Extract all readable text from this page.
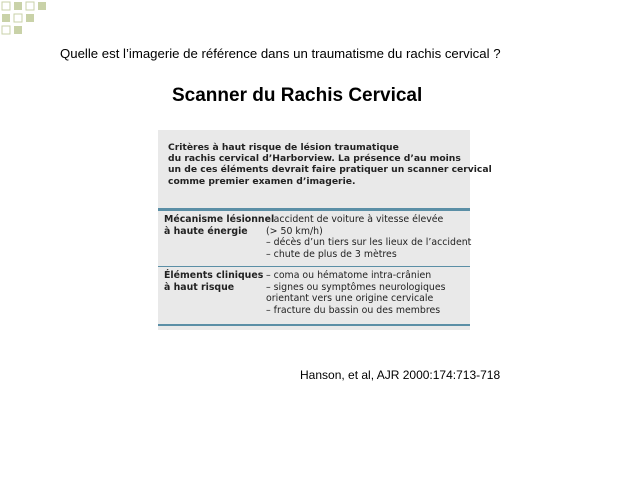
Quelle est l’imagerie de référence dans un traumatisme du rachis cervical ?
Scanner du Rachis Cervical
Critères à haut risque de lésion traumatique
du rachis cervical d’Harborview. La présence d’au moins
un de ces éléments devrait faire pratiquer un scanner cervical
comme premier examen d’imagerie.
Mécanisme lésionnel
à haute énergie
– accident de voiture à vitesse élevée
(> 50 km/h)
– décès d’un tiers sur les lieux de l’accident
– chute de plus de 3 mètres
Éléments cliniques
à haut risque
– coma ou hématome intra-crânien
– signes ou symptômes neurologiques
orientant vers une origine cervicale
– fracture du bassin ou des membres
Hanson, et al, AJR 2000:174:713-718
